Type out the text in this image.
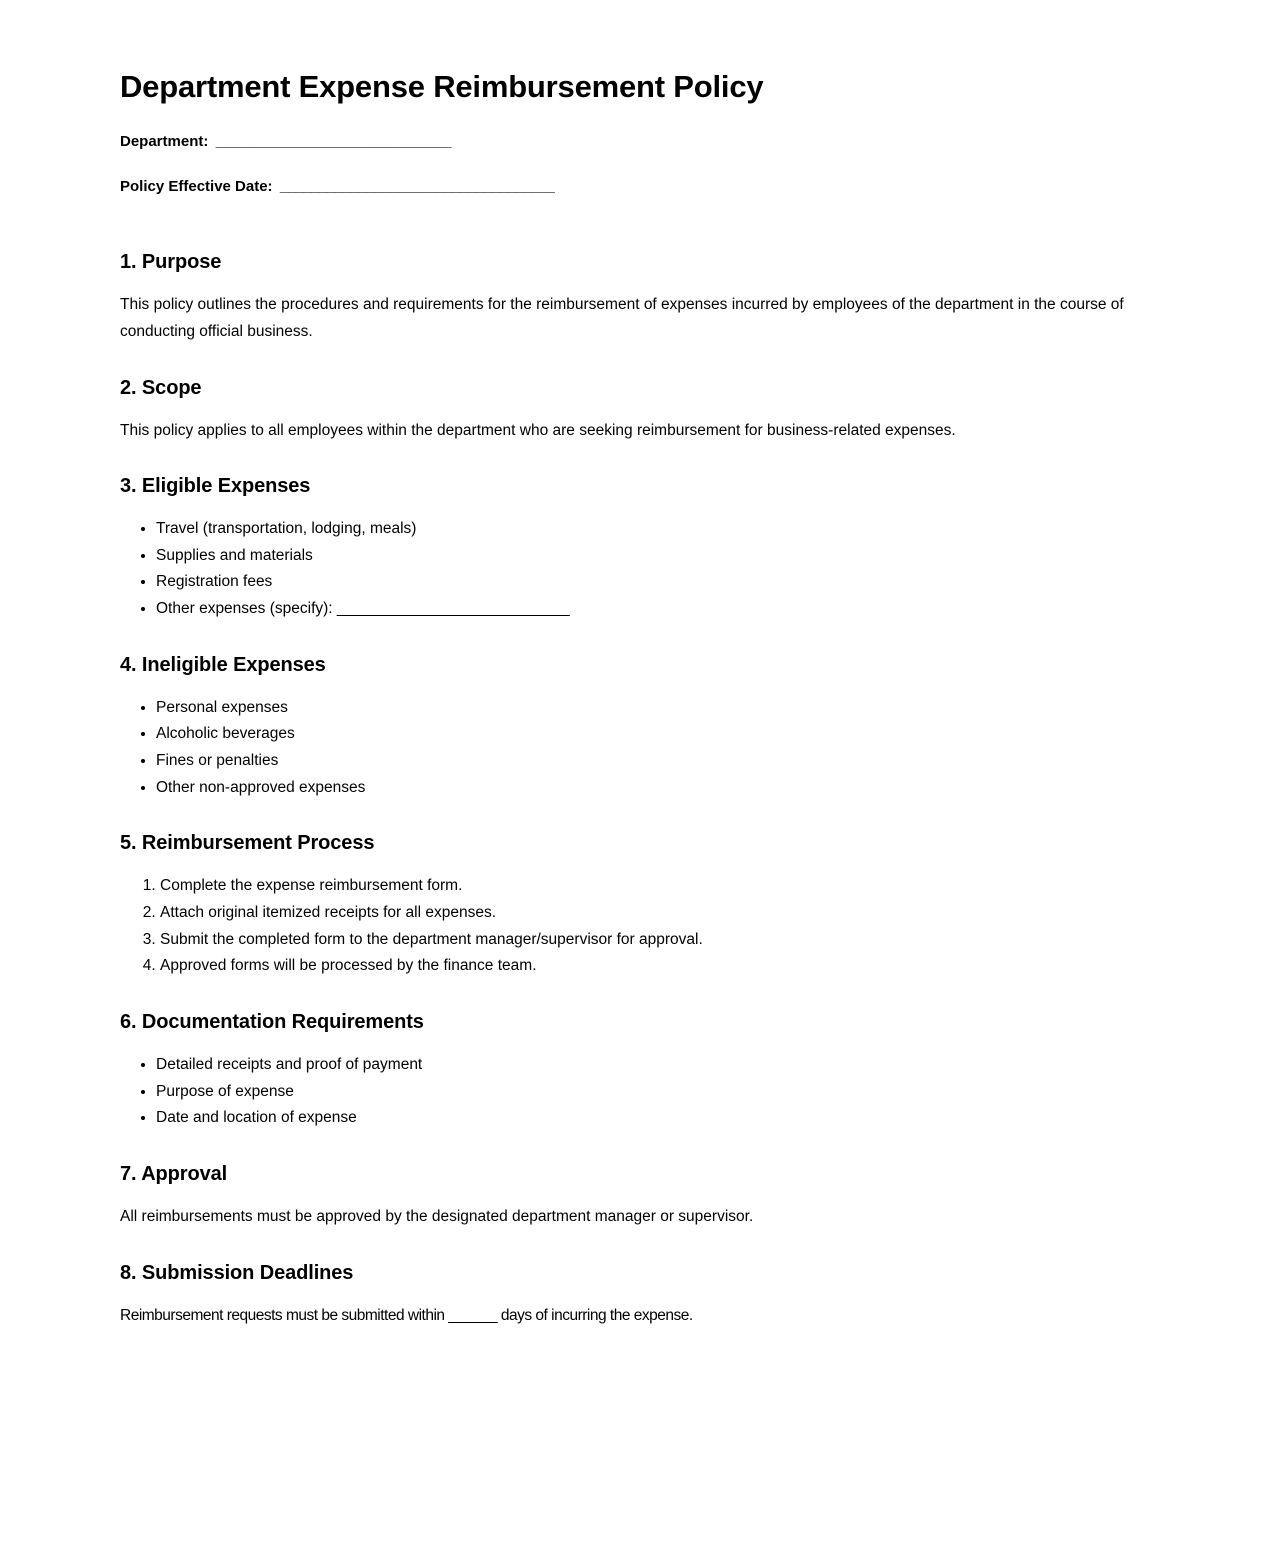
Department Expense Reimbursement Policy

Department:  ______________________________

Policy Effective Date:  ___________________________________

1. Purpose

This policy outlines the procedures and requirements for the reimbursement of expenses incurred by employees of the department in the course of conducting official business.

2. Scope

This policy applies to all employees within the department who are seeking reimbursement for business-related expenses.

3. Eligible Expenses
• Travel (transportation, lodging, meals)
• Supplies and materials
• Registration fees
• Other expenses (specify): ___________________________
4. Ineligible Expenses
• Personal expenses
• Alcoholic beverages
• Fines or penalties
• Other non-approved expenses
5. Reimbursement Process
1. Complete the expense reimbursement form.
2. Attach original itemized receipts for all expenses.
3. Submit the completed form to the department manager/supervisor for approval.
4. Approved forms will be processed by the finance team.
6. Documentation Requirements
• Detailed receipts and proof of payment
• Purpose of expense
• Date and location of expense
7. Approval

All reimbursements must be approved by the designated department manager or supervisor.

8. Submission Deadlines

Reimbursement requests must be submitted within ______ days of incurring the expense.
